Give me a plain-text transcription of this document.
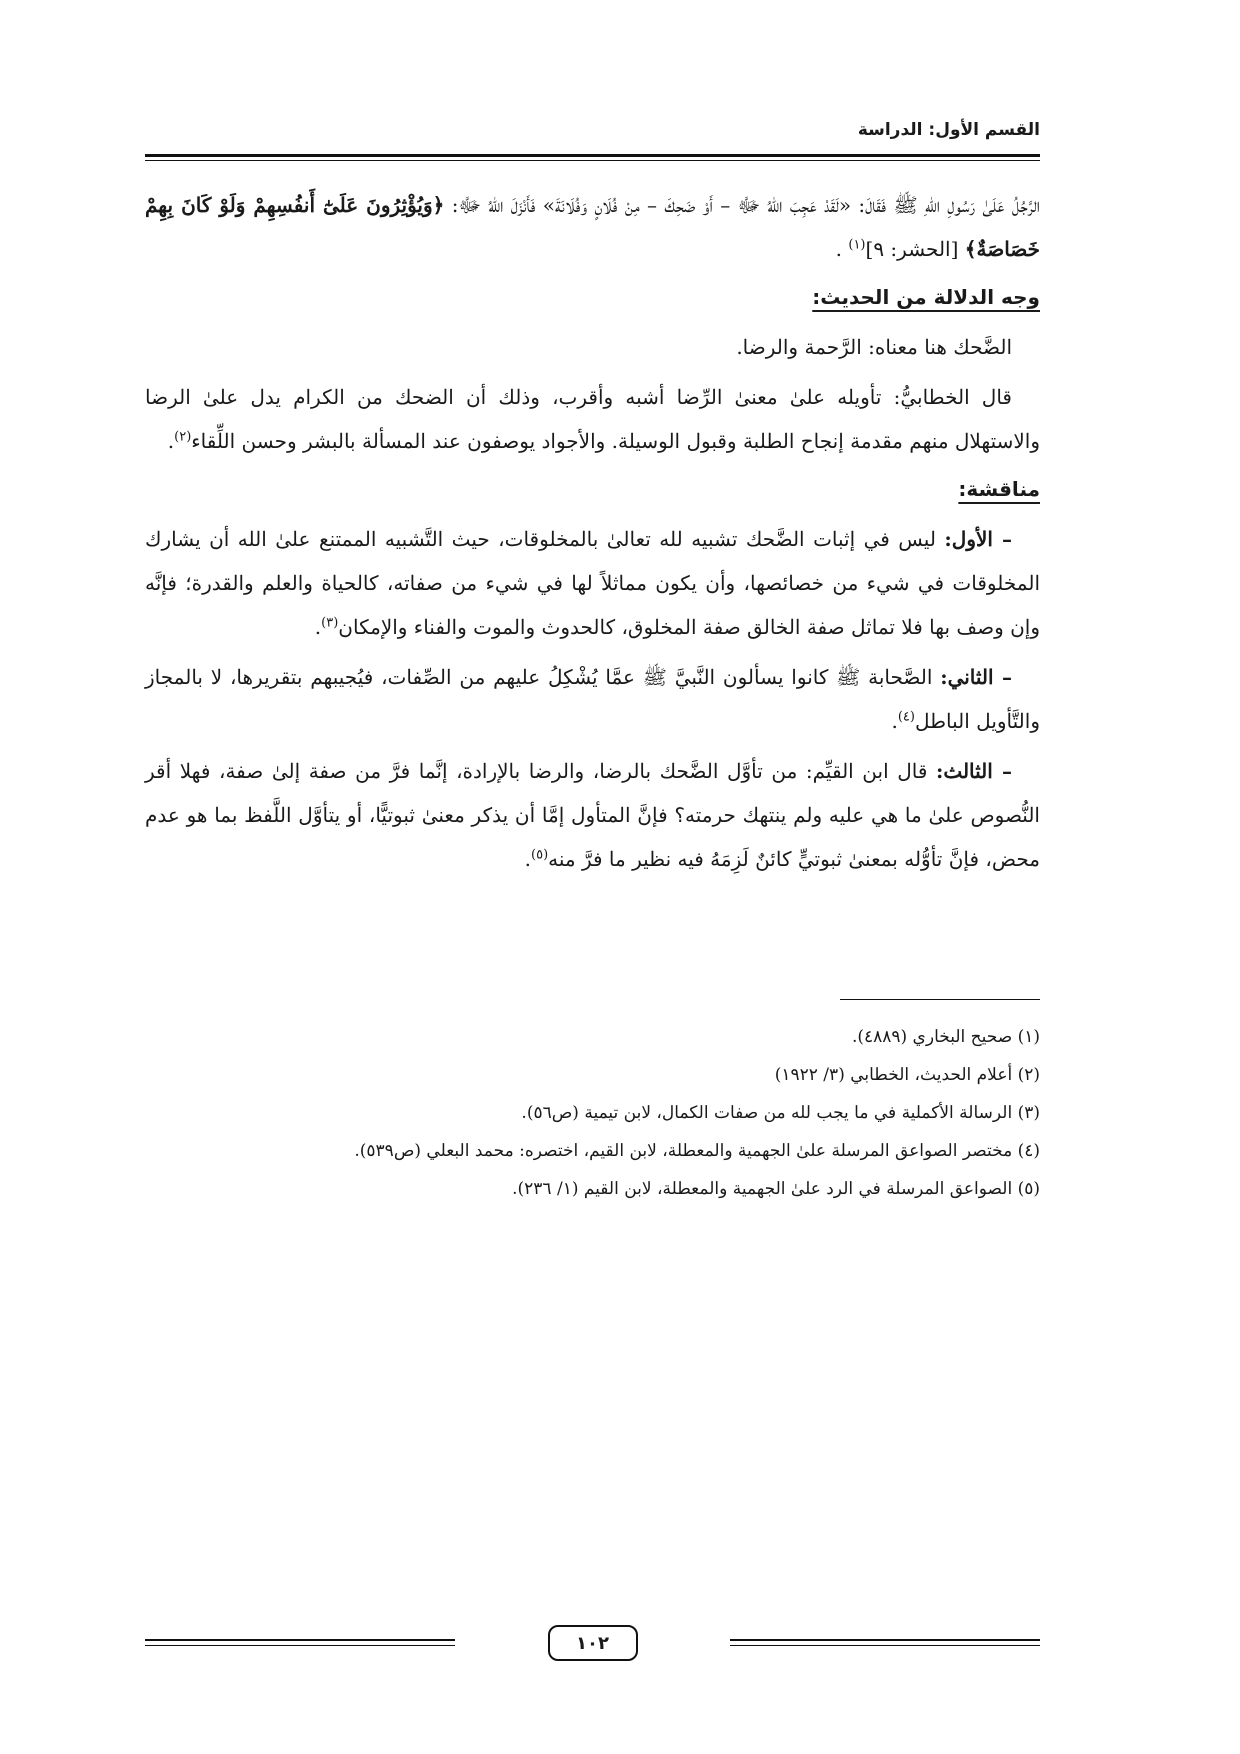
القسم الأول: الدراسة

الرَّجُلُ عَلَىٰ رَسُولِ اللهِ ﷺ فَقَالَ: «لَقَدْ عَجِبَ اللهُ ﷻ – أَوْ ضَحِكَ – مِنْ فُلَانٍ وَفُلَانَةَ» فَأَنْزَلَ اللهُ ﷻ: ﴿وَيُؤْثِرُونَ عَلَىٰٓ أَنفُسِهِمْ وَلَوْ كَانَ بِهِمْ خَصَاصَةٌ﴾ [الحشر: ٩]$^{(١)}$ .

وجه الدلالة من الحديث:

الضَّحك هنا معناه: الرَّحمة والرضا.

قال الخطابيُّ: تأويله علىٰ معنىٰ الرِّضا أشبه وأقرب، وذلك أن الضحك من الكرام يدل علىٰ الرضا والاستهلال منهم مقدمة إنجاح الطلبة وقبول الوسيلة. والأجواد يوصفون عند المسألة بالبشر وحسن اللِّقاء$^{(٢)}$.

مناقشة:

– الأول: ليس في إثبات الضَّحك تشبيه لله تعالىٰ بالمخلوقات، حيث التَّشبيه الممتنع علىٰ الله أن يشارك المخلوقات في شيء من خصائصها، وأن يكون مماثلاً لها في شيء من صفاته، كالحياة والعلم والقدرة؛ فإنَّه وإن وصف بها فلا تماثل صفة الخالق صفة المخلوق، كالحدوث والموت والفناء والإمكان$^{(٣)}$.

– الثاني: الصَّحابة ﷺ كانوا يسألون النَّبيَّ ﷺ عمَّا يُشْكِلُ عليهم من الصِّفات، فيُجيبهم بتقريرها، لا بالمجاز والتَّأويل الباطل$^{(٤)}$.

– الثالث: قال ابن القيِّم: من تأوَّل الضَّحك بالرضا، والرضا بالإرادة، إنَّما فرَّ من صفة إلىٰ صفة، فهلا أقر النُّصوص علىٰ ما هي عليه ولم ينتهك حرمته؟ فإنَّ المتأول إمَّا أن يذكر معنىٰ ثبوتيًّا، أو يتأوَّل اللَّفظ بما هو عدم محض، فإنَّ تأوُّله بمعنىٰ ثبوتيٍّ كائنٌ لَزِمَهُ فيه نظير ما فرَّ منه$^{(٥)}$.

(١) صحيح البخاري (٤٨٨٩).
(٢) أعلام الحديث، الخطابي (٣/ ١٩٢٢)
(٣) الرسالة الأكملية في ما يجب لله من صفات الكمال، لابن تيمية (ص٥٦).
(٤) مختصر الصواعق المرسلة علىٰ الجهمية والمعطلة، لابن القيم، اختصره: محمد البعلي (ص٥٣٩).
(٥) الصواعق المرسلة في الرد علىٰ الجهمية والمعطلة، لابن القيم (١/ ٢٣٦).
١٠٢
